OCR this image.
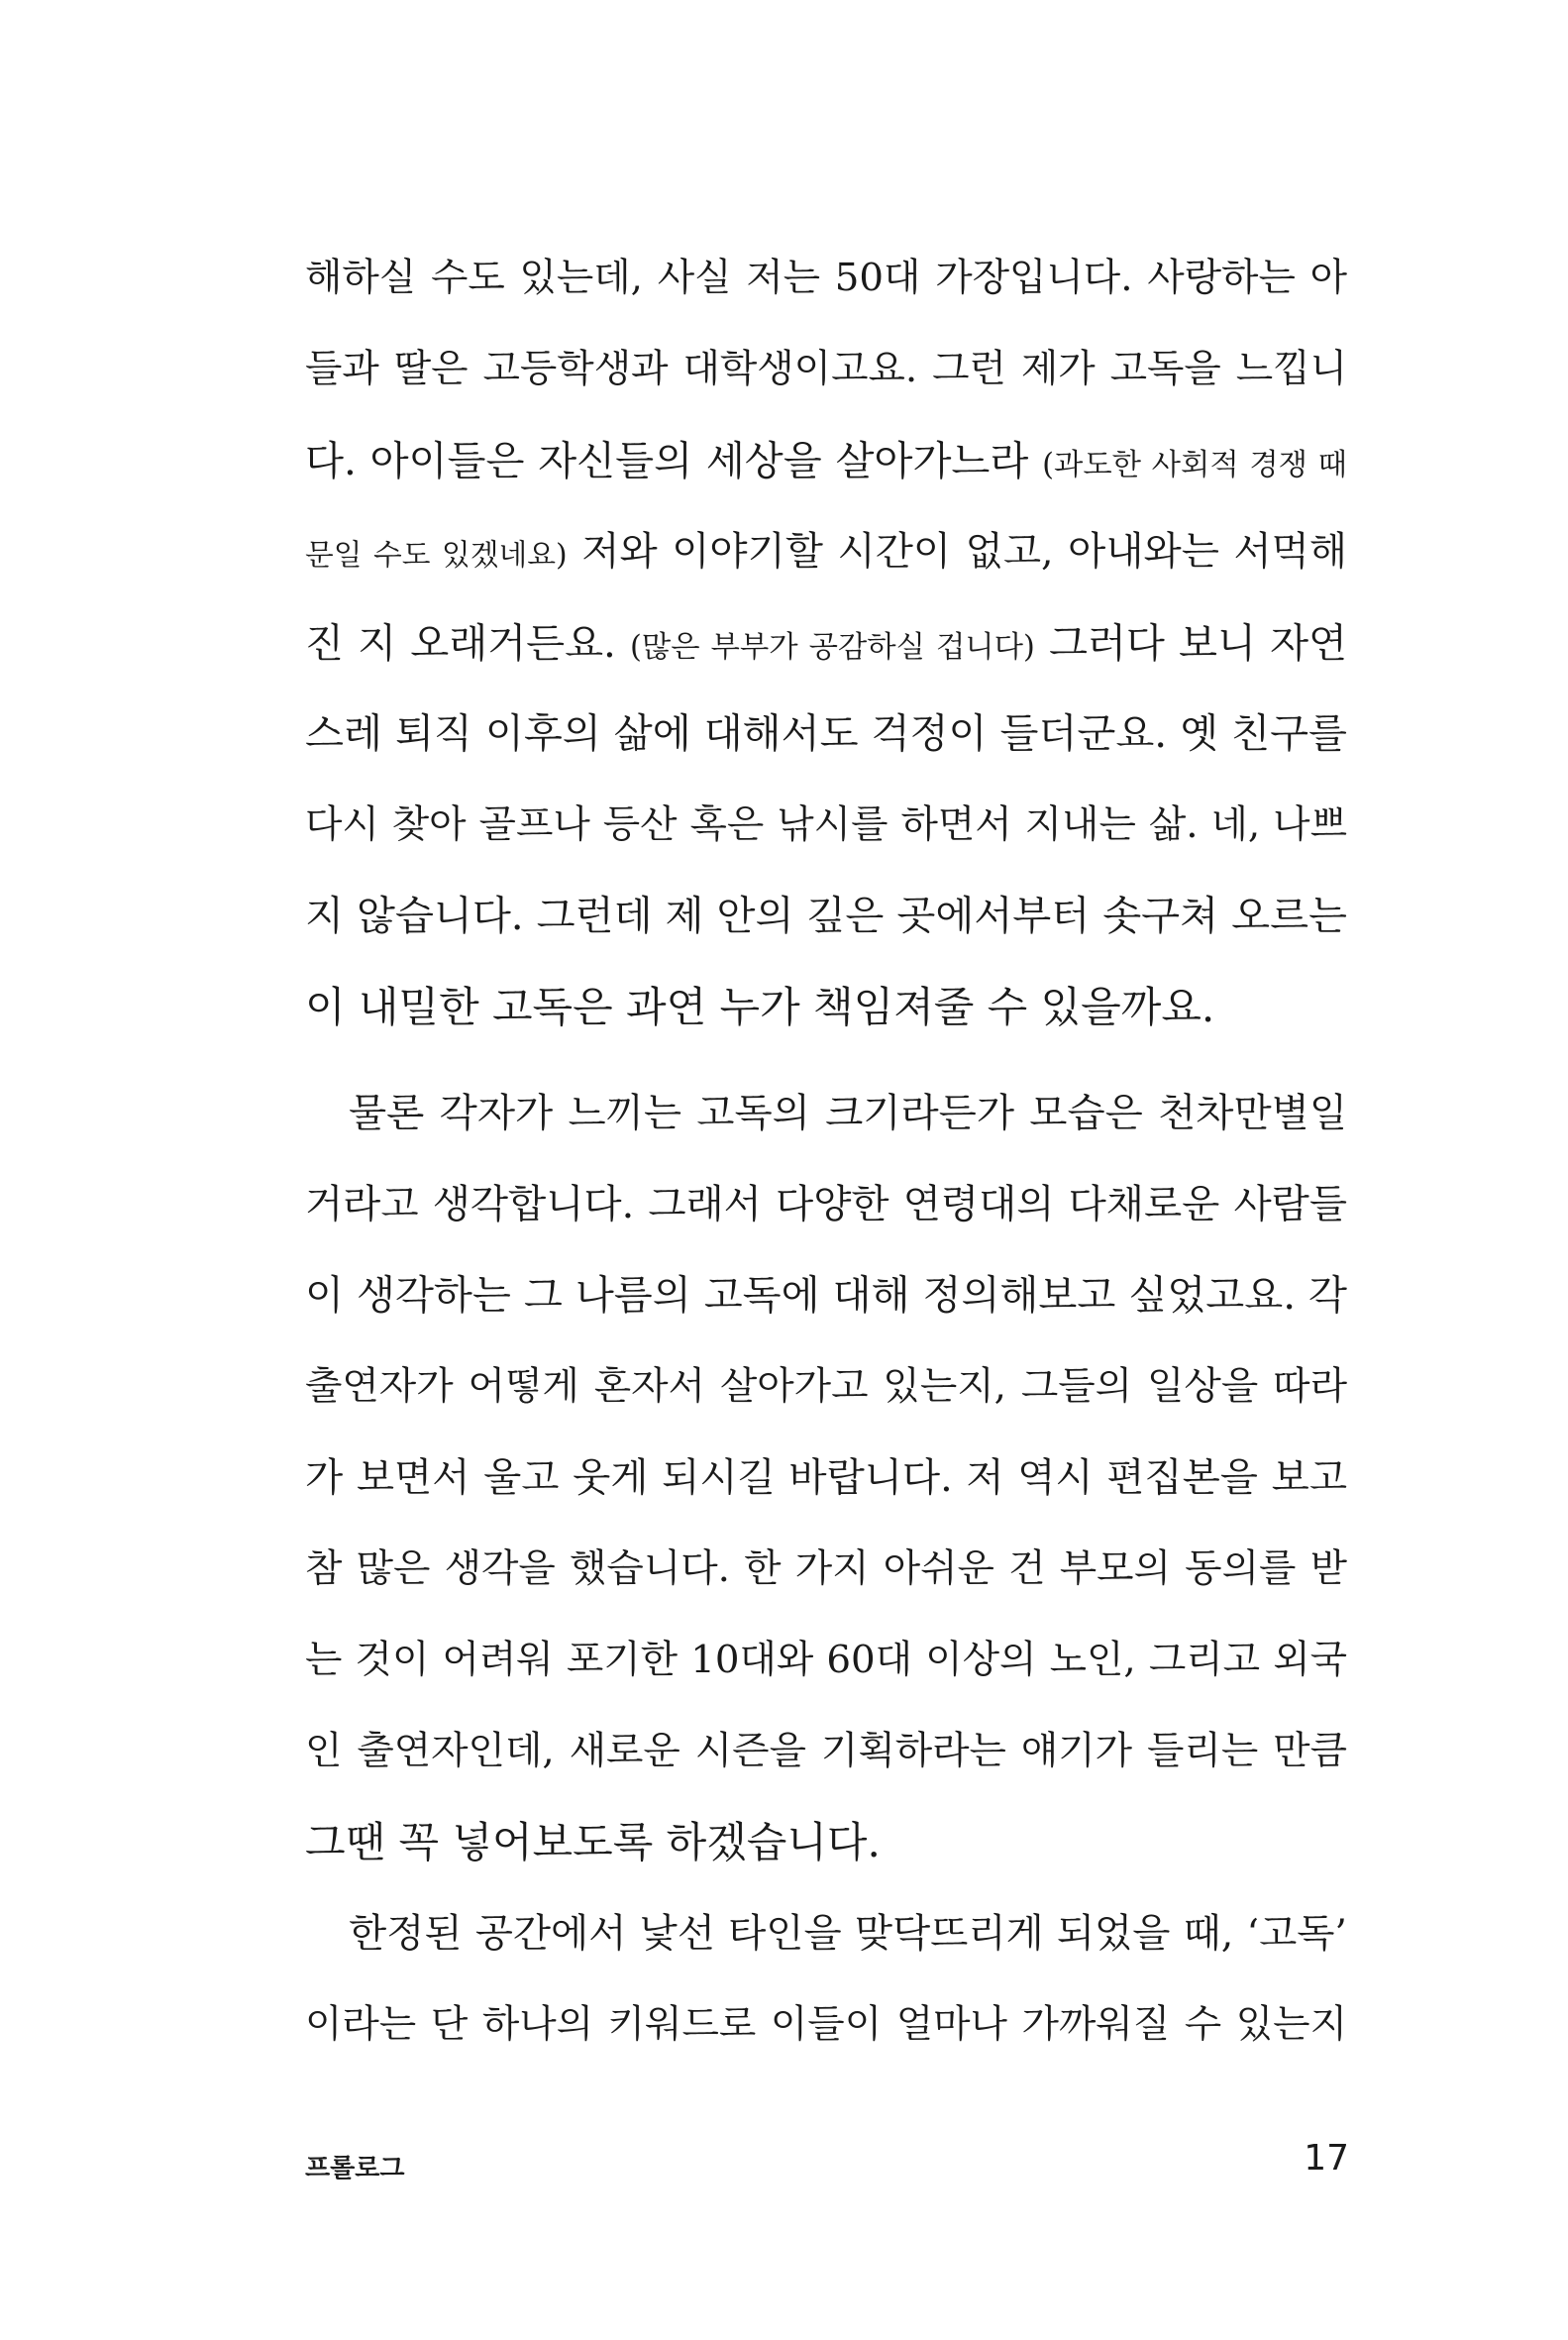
해하실 수도 있는데, 사실 저는 50대 가장입니다. 사랑하는 아
들과 딸은 고등학생과 대학생이고요. 그런 제가 고독을 느낍니
다. 아이들은 자신들의 세상을 살아가느라 (과도한 사회적 경쟁 때
문일 수도 있겠네요) 저와 이야기할 시간이 없고, 아내와는 서먹해
진 지 오래거든요. (많은 부부가 공감하실 겁니다) 그러다 보니 자연
스레 퇴직 이후의 삶에 대해서도 걱정이 들더군요. 옛 친구를
다시 찾아 골프나 등산 혹은 낚시를 하면서 지내는 삶. 네, 나쁘
지 않습니다. 그런데 제 안의 깊은 곳에서부터 솟구쳐 오르는
이 내밀한 고독은 과연 누가 책임져줄 수 있을까요.
물론 각자가 느끼는 고독의 크기라든가 모습은 천차만별일
거라고 생각합니다. 그래서 다양한 연령대의 다채로운 사람들
이 생각하는 그 나름의 고독에 대해 정의해보고 싶었고요. 각
출연자가 어떻게 혼자서 살아가고 있는지, 그들의 일상을 따라
가 보면서 울고 웃게 되시길 바랍니다. 저 역시 편집본을 보고
참 많은 생각을 했습니다. 한 가지 아쉬운 건 부모의 동의를 받
는 것이 어려워 포기한 10대와 60대 이상의 노인, 그리고 외국
인 출연자인데, 새로운 시즌을 기획하라는 얘기가 들리는 만큼
그땐 꼭 넣어보도록 하겠습니다.
한정된 공간에서 낯선 타인을 맞닥뜨리게 되었을 때, ‘고독’
이라는 단 하나의 키워드로 이들이 얼마나 가까워질 수 있는지
프롤로그	17
